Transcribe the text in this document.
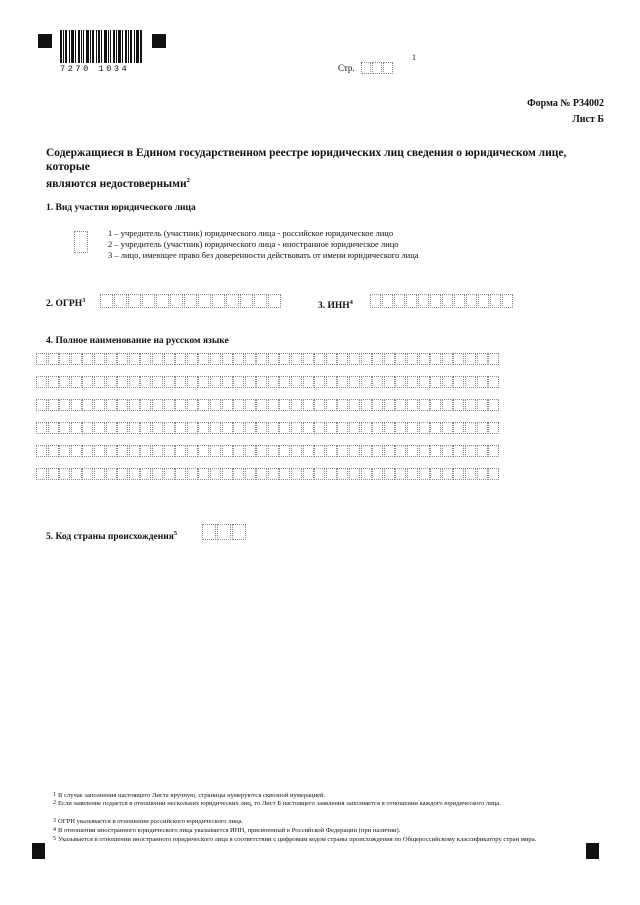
7270 1034	Стр.
1
Форма № Р34002
Лист Б
Содержащиеся в Едином государственном реестре юридических лиц сведения о юридическом лице, которые
являются недостоверными$^2$
1. Вид участия юридического лица
1 – учредитель (участник) юридического лица - российское юридическое лицо
2 – учредитель (участник) юридического лица - иностранное юридическое лицо
3 – лицо, имеющее право без доверенности действовать от имени юридического лица
2. ОГРН$^3$
3. ИНН$^4$
4. Полное наименование на русском языке
5. Код страны происхождения$^5$
1 В случае заполнения настоящего Листа вручную, страницы нумеруются сквозной нумерацией.
2 Если заявление подается в отношении нескольких юридических лиц, то Лист Б настоящего заявления заполняется в отношении каждого юридического лица.
3 ОГРН указывается в отношении российского юридического лица.
4 В отношении иностранного юридического лица указывается ИНН, присвоенный в Российской Федерации (при наличии).
5 Указывается в отношении иностранного юридического лица в соответствии с цифровым кодом страны происхождения по Общероссийскому классификатору стран мира.
